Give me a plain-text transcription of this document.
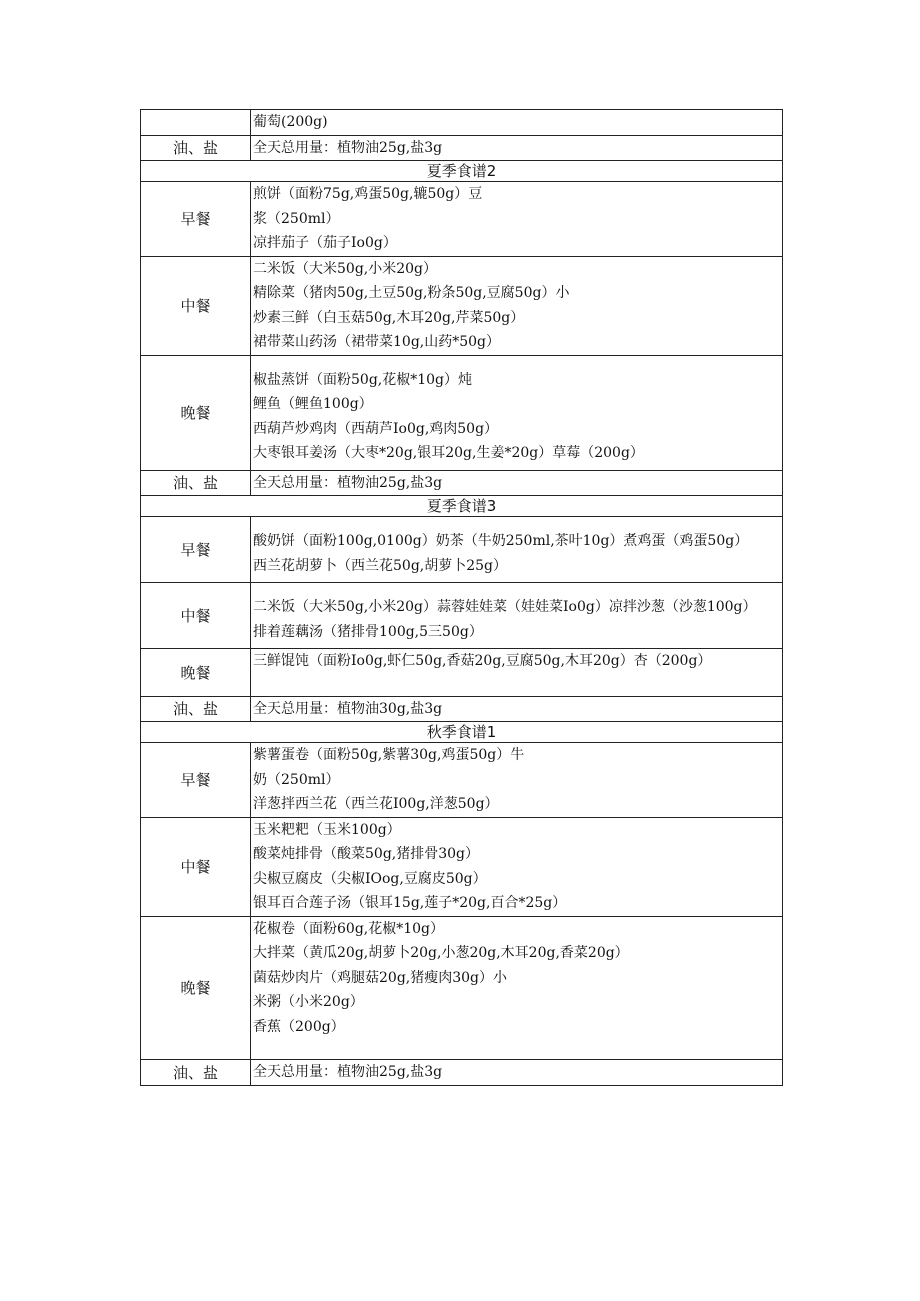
	葡萄(200g)

油、盐	全天总用量：植物油25g,盐3g

夏季食谱2	
早餐	煎饼（面粉75g,鸡蛋50g,辘50g）豆
浆（250ml）
凉拌茄子（茄子Io0g）

中餐	二米饭（大米50g,小米20g）
精除菜（猪肉50g,土豆50g,粉条50g,豆腐50g）小
炒素三鲜（白玉菇50g,木耳20g,芹菜50g）
裙带菜山药汤（裙带菜10g,山药*50g）

晚餐	椒盐蒸饼（面粉50g,花椒*10g）炖
鲤鱼（鲤鱼100g）
西葫芦炒鸡肉（西葫芦Io0g,鸡肉50g）
大枣银耳姜汤（大枣*20g,银耳20g,生姜*20g）草莓（200g）

油、盐	全天总用量：植物油25g,盐3g

夏季食谱3	
早餐	酸奶饼（面粉100g,0100g）奶茶（牛奶250ml,茶叶10g）煮鸡蛋（鸡蛋50g）
西兰花胡萝卜（西兰花50g,胡萝卜25g）

中餐	二米饭（大米50g,小米20g）蒜蓉娃娃菜（娃娃菜Io0g）凉拌沙葱（沙葱100g）
排着莲藕汤（猪排骨100g,5三50g）

晚餐	三鲜馄饨（面粉Io0g,虾仁50g,香菇20g,豆腐50g,木耳20g）杏（200g）

油、盐	全天总用量：植物油30g,盐3g

秋季食谱1	
早餐	紫薯蛋卷（面粉50g,紫薯30g,鸡蛋50g）牛
奶（250ml）
洋葱拌西兰花（西兰花I00g,洋葱50g）

中餐	玉米粑粑（玉米100g）
酸菜炖排骨（酸菜50g,猪排骨30g）
尖椒豆腐皮（尖椒IOog,豆腐皮50g）
银耳百合莲子汤（银耳15g,莲子*20g,百合*25g）

晚餐	花椒卷（面粉60g,花椒*10g）
大拌菜（黄瓜20g,胡萝卜20g,小葱20g,木耳20g,香菜20g）
菌菇炒肉片（鸡腿菇20g,猪瘦肉30g）小
米粥（小米20g）
香蕉（200g）

油、盐	全天总用量：植物油25g,盐3g
